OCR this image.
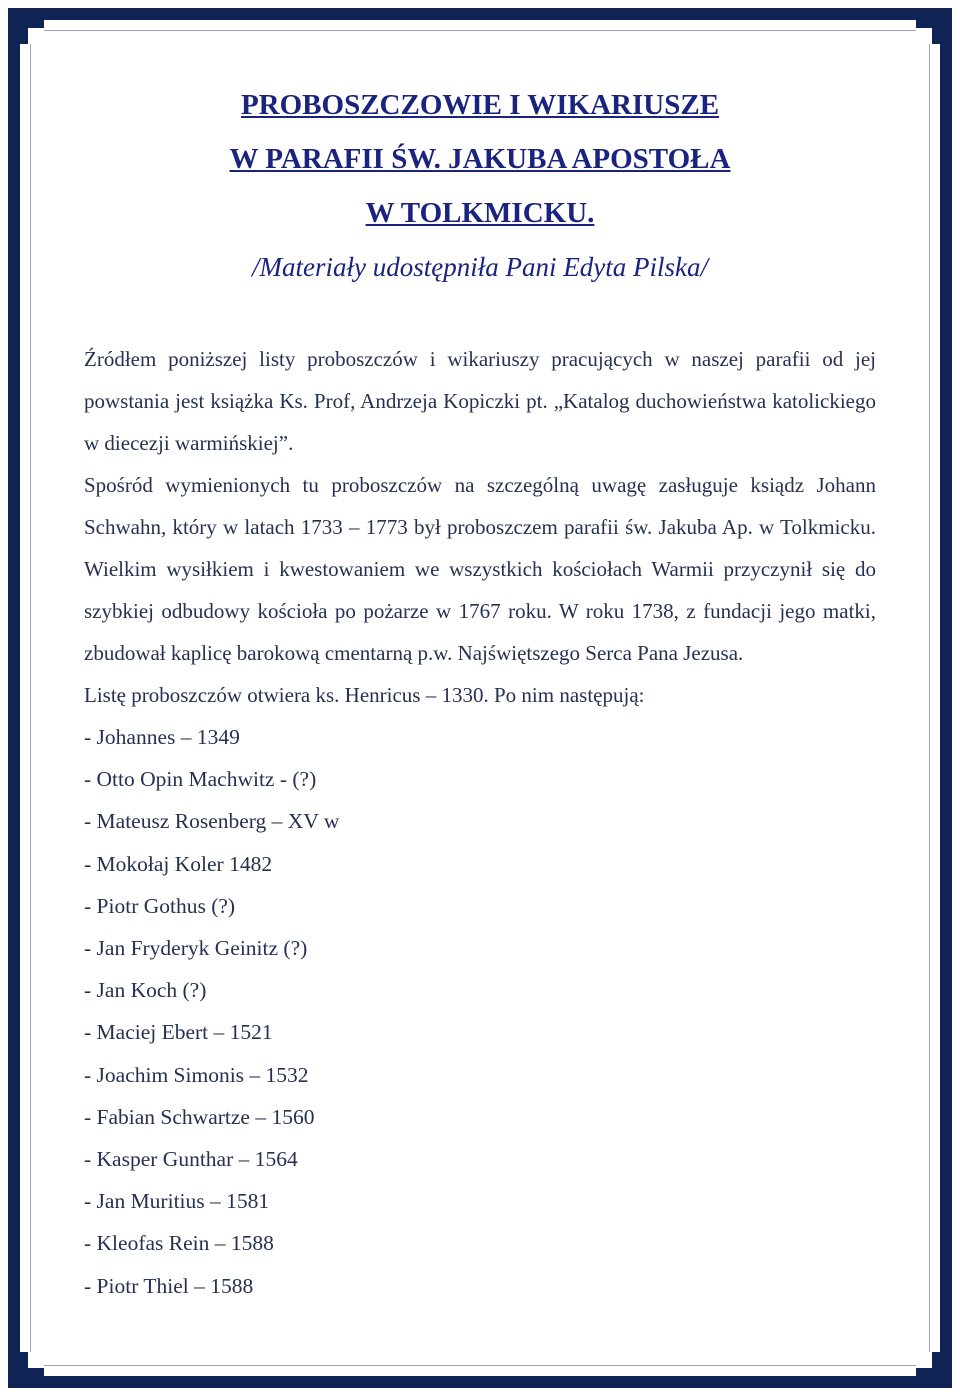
PROBOSZCZOWIE I WIKARIUSZE
W PARAFII ŚW. JAKUBA APOSTOŁA
W TOLKMICKU.

/Materiały udostępniła Pani Edyta Pilska/

Źródłem poniższej listy proboszczów i wikariuszy pracujących w naszej parafii od jej powstania jest książka Ks. Prof, Andrzeja Kopiczki pt. „Katalog duchowieństwa katolickiego w diecezji warmińskiej”.

Spośród wymienionych tu proboszczów na szczególną uwagę zasługuje ksiądz Johann Schwahn, który w latach 1733 – 1773 był proboszczem parafii św. Jakuba Ap. w Tolkmicku. Wielkim wysiłkiem i kwestowaniem we wszystkich kościołach Warmii przyczynił się do szybkiej odbudowy kościoła po pożarze w 1767 roku. W roku 1738, z fundacji jego matki, zbudował kaplicę barokową cmentarną p.w. Najświętszego Serca Pana Jezusa.

Listę proboszczów otwiera ks. Henricus – 1330. Po nim następują:

- Johannes – 1349
- Otto Opin Machwitz - (?)
- Mateusz Rosenberg – XV w
- Mokołaj Koler 1482
- Piotr Gothus (?)
- Jan Fryderyk Geinitz (?)
- Jan Koch (?)
- Maciej Ebert – 1521
- Joachim Simonis – 1532
- Fabian Schwartze – 1560
- Kasper Gunthar – 1564
- Jan Muritius – 1581
- Kleofas Rein – 1588
- Piotr Thiel – 1588
